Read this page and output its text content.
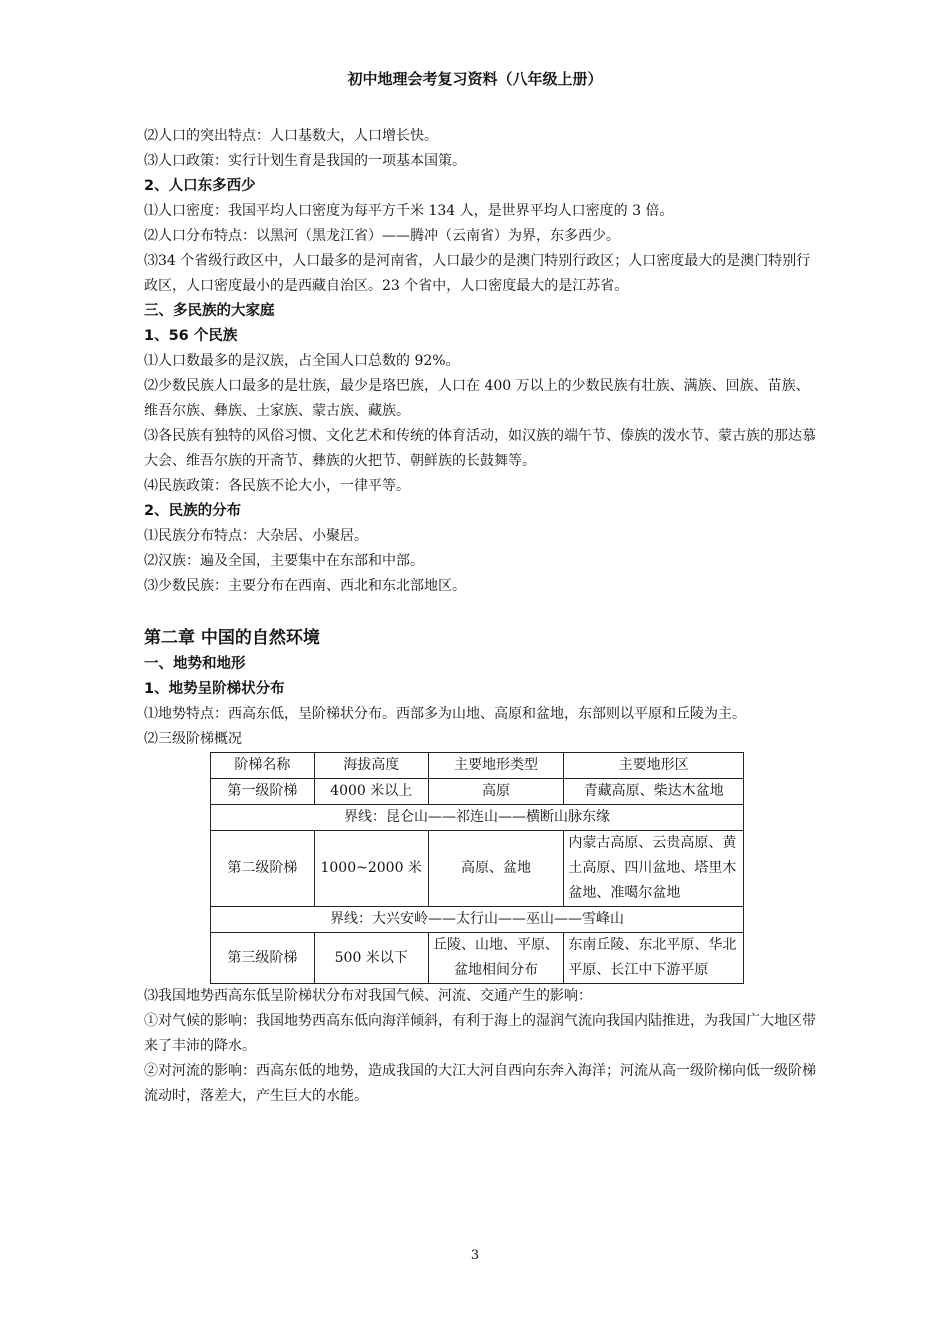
初中地理会考复习资料（八年级上册）

⑵人口的突出特点：人口基数大，人口增长快。

⑶人口政策：实行计划生育是我国的一项基本国策。

2、人口东多西少

⑴人口密度：我国平均人口密度为每平方千米 134 人，是世界平均人口密度的 3 倍。

⑵人口分布特点：以黑河（黑龙江省）——腾冲（云南省）为界，东多西少。

⑶34 个省级行政区中，人口最多的是河南省，人口最少的是澳门特别行政区；人口密度最大的是澳门特别行政区，人口密度最小的是西藏自治区。23 个省中，人口密度最大的是江苏省。

三、多民族的大家庭

1、56 个民族

⑴人口数最多的是汉族，占全国人口总数的 92%。

⑵少数民族人口最多的是壮族，最少是珞巴族，人口在 400 万以上的少数民族有壮族、满族、回族、苗族、维吾尔族、彝族、土家族、蒙古族、藏族。

⑶各民族有独特的风俗习惯、文化艺术和传统的体育活动，如汉族的端午节、傣族的泼水节、蒙古族的那达慕大会、维吾尔族的开斋节、彝族的火把节、朝鲜族的长鼓舞等。

⑷民族政策：各民族不论大小，一律平等。

2、民族的分布

⑴民族分布特点：大杂居、小聚居。

⑵汉族：遍及全国，主要集中在东部和中部。

⑶少数民族：主要分布在西南、西北和东北部地区。

第二章 中国的自然环境

一、地势和地形

1、地势呈阶梯状分布

⑴地势特点：西高东低，呈阶梯状分布。西部多为山地、高原和盆地，东部则以平原和丘陵为主。

⑵三级阶梯概况

阶梯名称	海拔高度	主要地形类型	主要地形区
第一级阶梯	4000 米以上	高原	青藏高原、柴达木盆地
界线：昆仑山——祁连山——横断山脉东缘			
第二级阶梯	1000~2000 米	高原、盆地	内蒙古高原、云贵高原、黄土高原、四川盆地、塔里木盆地、准噶尔盆地
界线：大兴安岭——太行山——巫山——雪峰山			
第三级阶梯	500 米以下	丘陵、山地、平原、盆地相间分布	东南丘陵、东北平原、华北平原、长江中下游平原

⑶我国地势西高东低呈阶梯状分布对我国气候、河流、交通产生的影响：

①对气候的影响：我国地势西高东低向海洋倾斜，有利于海上的湿润气流向我国内陆推进，为我国广大地区带来了丰沛的降水。

②对河流的影响：西高东低的地势，造成我国的大江大河自西向东奔入海洋；河流从高一级阶梯向低一级阶梯流动时，落差大，产生巨大的水能。

3
